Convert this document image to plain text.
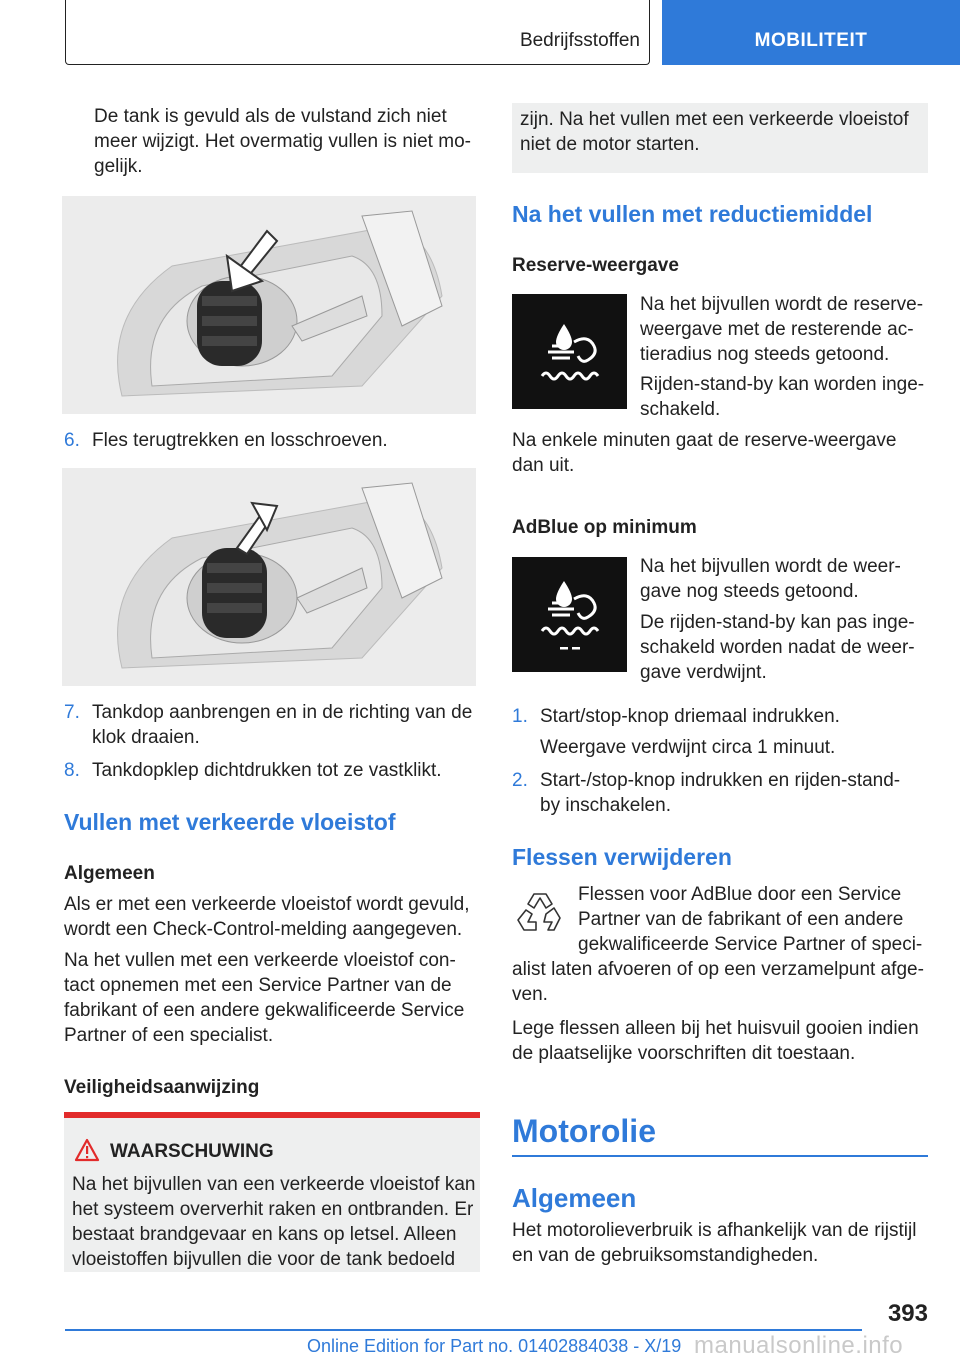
Bedrijfsstoffen	MOBILITEIT
De tank is gevuld als de vulstand zich niet
meer wijzigt. Het overmatig vullen is niet mo-
gelijk.
6. Fles terugtrekken en losschroeven.
7. Tankdop aanbrengen en in de richting van de
klok draaien.
8. Tankdopklep dichtdrukken tot ze vastklikt.
Vullen met verkeerde vloeistof
Algemeen
Als er met een verkeerde vloeistof wordt gevuld,
wordt een Check-Control-melding aangegeven.
Na het vullen met een verkeerde vloeistof con-
tact opnemen met een Service Partner van de
fabrikant of een andere gekwalificeerde Service
Partner of een specialist.
Veiligheidsaanwijzing
WAARSCHUWING
Na het bijvullen van een verkeerde vloeistof kan
het systeem oververhit raken en ontbranden. Er
bestaat brandgevaar en kans op letsel. Alleen
vloeistoffen bijvullen die voor de tank bedoeld
zijn. Na het vullen met een verkeerde vloeistof
niet de motor starten.
Na het vullen met reductiemiddel
Reserve-weergave
Na het bijvullen wordt de reserve-
weergave met de resterende ac-
tieradius nog steeds getoond.
Rijden-stand-by kan worden inge-
schakeld.
Na enkele minuten gaat de reserve-weergave
dan uit.
AdBlue op minimum
Na het bijvullen wordt de weer-
gave nog steeds getoond.
De rijden-stand-by kan pas inge-
schakeld worden nadat de weer-
gave verdwijnt.
1. Start/stop-knop driemaal indrukken.
Weergave verdwijnt circa 1 minuut.
2. Start-/stop-knop indrukken en rijden-stand-
by inschakelen.
Flessen verwijderen
Flessen voor AdBlue door een Service
Partner van de fabrikant of een andere
gekwalificeerde Service Partner of speci-
alist laten afvoeren of op een verzamelpunt afge-
ven.
Lege flessen alleen bij het huisvuil gooien indien
de plaatselijke voorschriften dit toestaan.
Motorolie
Algemeen
Het motorolieverbruik is afhankelijk van de rijstijl
en van de gebruiksomstandigheden.
393
Online Edition for Part no. 01402884038 - X/19 manualsonline.info
